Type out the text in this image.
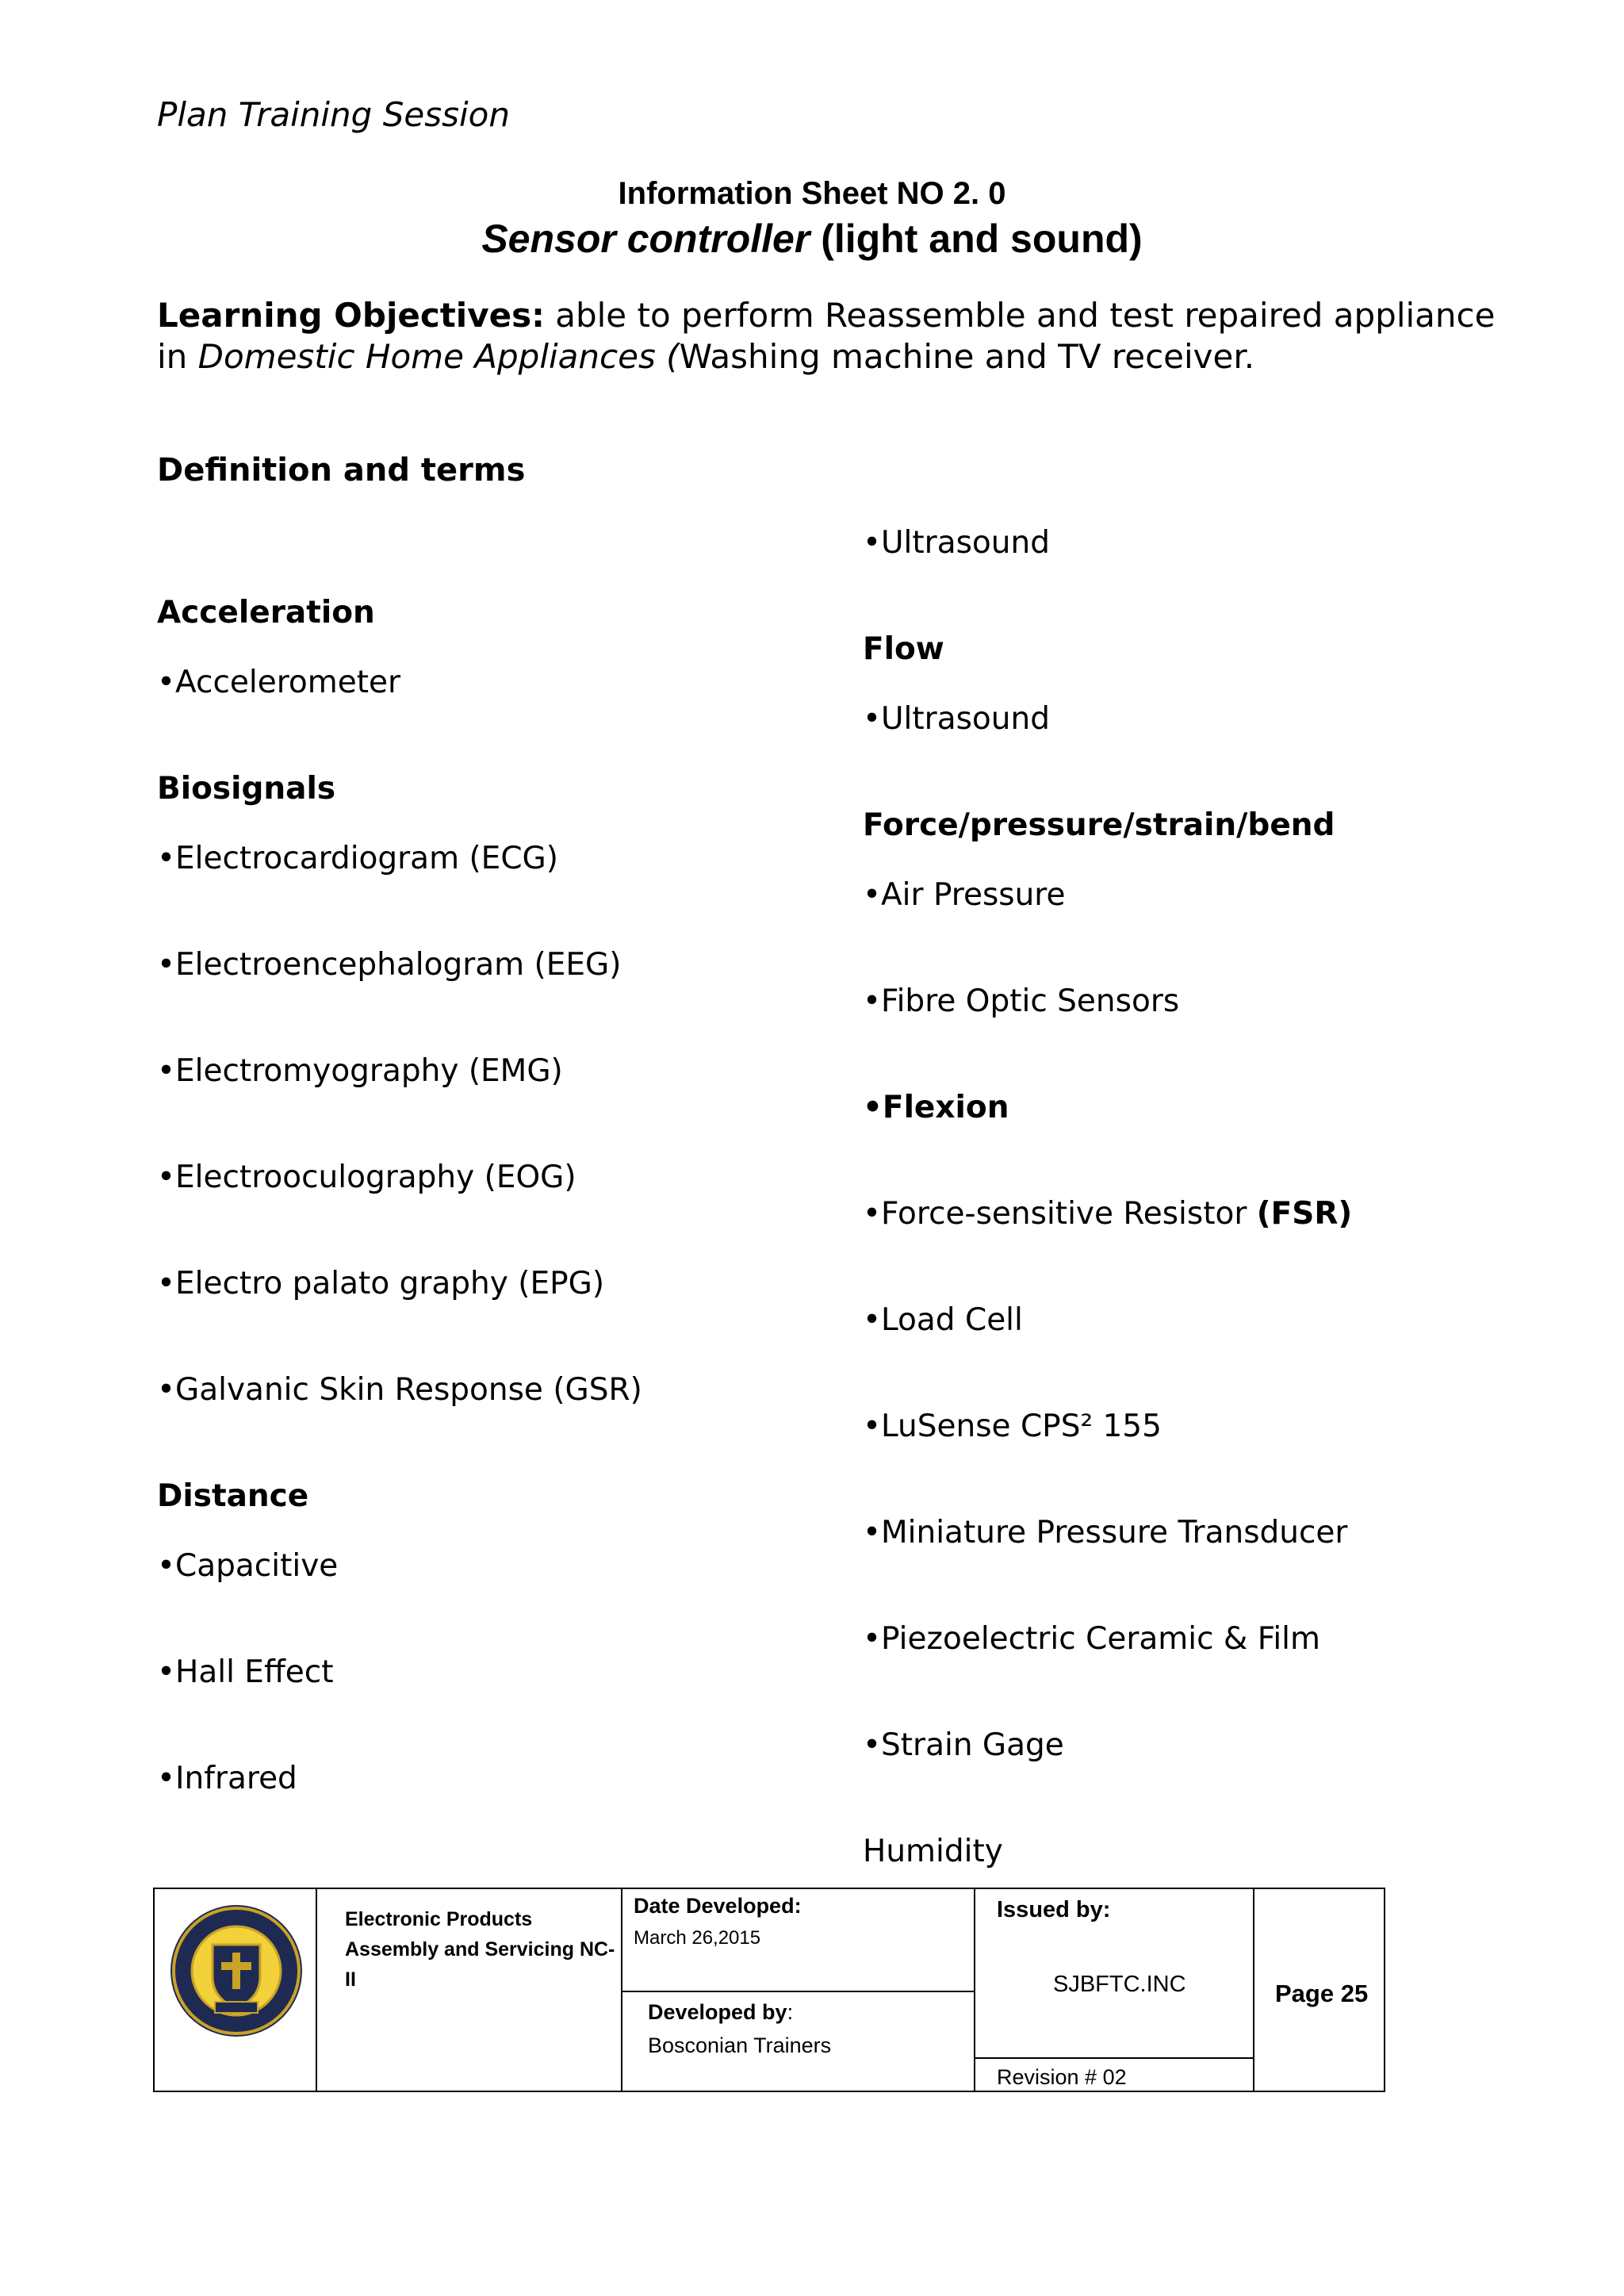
Plan Training Session
Information Sheet NO 2. 0
Sensor controller (light and sound)
Learning Objectives: able to perform Reassemble and test repaired appliance in Domestic Home Appliances (Washing machine and TV receiver.
Definition and terms
Acceleration
•Accelerometer
Biosignals
•Electrocardiogram (ECG)
•Electroencephalogram (EEG)
•Electromyography (EMG)
•Electrooculography (EOG)
•Electro palato graphy (EPG)
•Galvanic Skin Response (GSR)
Distance
•Capacitive
•Hall Effect
•Infrared
•Ultrasound
Flow
•Ultrasound
Force/pressure/strain/bend
•Air Pressure
•Fibre Optic Sensors
•Flexion
•Force-sensitive Resistor (FSR)
•Load Cell
•LuSense CPS² 155
•Miniature Pressure Transducer
•Piezoelectric Ceramic & Film
•Strain Gage
Humidity
Electronic Products
Assembly and Servicing NC-
II
Date Developed:
March 26,2015
Developed by:
Bosconian Trainers
Issued by:
SJBFTC.INC
Revision # 02
Page 25
